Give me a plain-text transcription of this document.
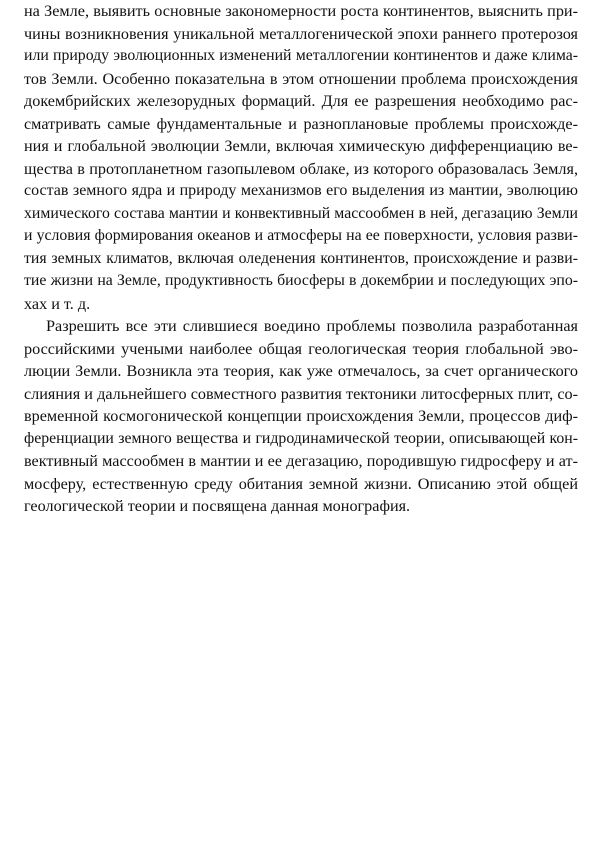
на Земле, выявить основные закономерности роста континентов, выяснить при-
чины возникновения уникальной металлогенической эпохи раннего протерозоя
или природу эволюционных изменений металлогении континентов и даже клима-
тов Земли. Особенно показательна в этом отношении проблема происхождения
докембрийских железорудных формаций. Для ее разрешения необходимо рас-
сматривать самые фундаментальные и разноплановые проблемы происхожде-
ния и глобальной эволюции Земли, включая химическую дифференциацию ве-
щества в протопланетном газопылевом облаке, из которого образовалась Земля,
состав земного ядра и природу механизмов его выделения из мантии, эволюцию
химического состава мантии и конвективный массообмен в ней, дегазацию Земли
и условия формирования океанов и атмосферы на ее поверхности, условия разви-
тия земных климатов, включая оледенения континентов, происхождение и разви-
тие жизни на Земле, продуктивность биосферы в докембрии и последующих эпо-
хах и т. д.
Разрешить все эти слившиеся воедино проблемы позволила разработанная
российскими учеными наиболее общая геологическая теория глобальной эво-
люции Земли. Возникла эта теория, как уже отмечалось, за счет органического
слияния и дальнейшего совместного развития тектоники литосферных плит, со-
временной космогонической концепции происхождения Земли, процессов диф-
ференциации земного вещества и гидродинамической теории, описывающей кон-
вективный массообмен в мантии и ее дегазацию, породившую гидросферу и ат-
мосферу, естественную среду обитания земной жизни. Описанию этой общей
геологической теории и посвящена данная монография.
